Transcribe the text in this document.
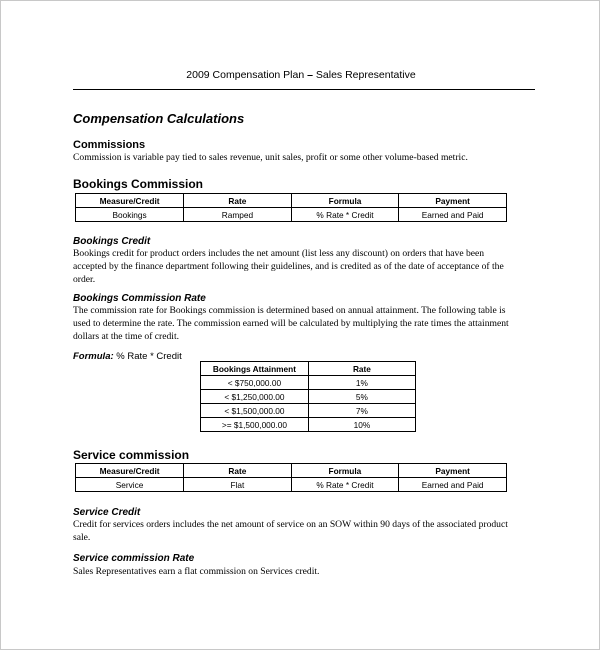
2009 Compensation Plan – Sales Representative
Compensation Calculations
Commissions
Commission is variable pay tied to sales revenue, unit sales, profit or some other volume-based metric.
Bookings Commission
Measure/Credit	Rate	Formula	Payment
Bookings	Ramped	% Rate * Credit	Earned and Paid
Bookings Credit
Bookings credit for product orders includes the net amount (list less any discount) on orders that have been
accepted by the finance department following their guidelines, and is credited as of the date of acceptance of the
order.
Bookings Commission Rate
The commission rate for Bookings commission is determined based on annual attainment. The following table is
used to determine the rate. The commission earned will be calculated by multiplying the rate times the attainment
dollars at the time of credit.
Formula: % Rate * Credit
Bookings Attainment	Rate
< $750,000.00	1%
< $1,250,000.00	5%
< $1,500,000.00	7%
>= $1,500,000.00	10%
Service commission
Measure/Credit	Rate	Formula	Payment
Service	Flat	% Rate * Credit	Earned and Paid
Service Credit
Credit for services orders includes the net amount of service on an SOW within 90 days of the associated product
sale.
Service commission Rate
Sales Representatives earn a flat commission on Services credit.
